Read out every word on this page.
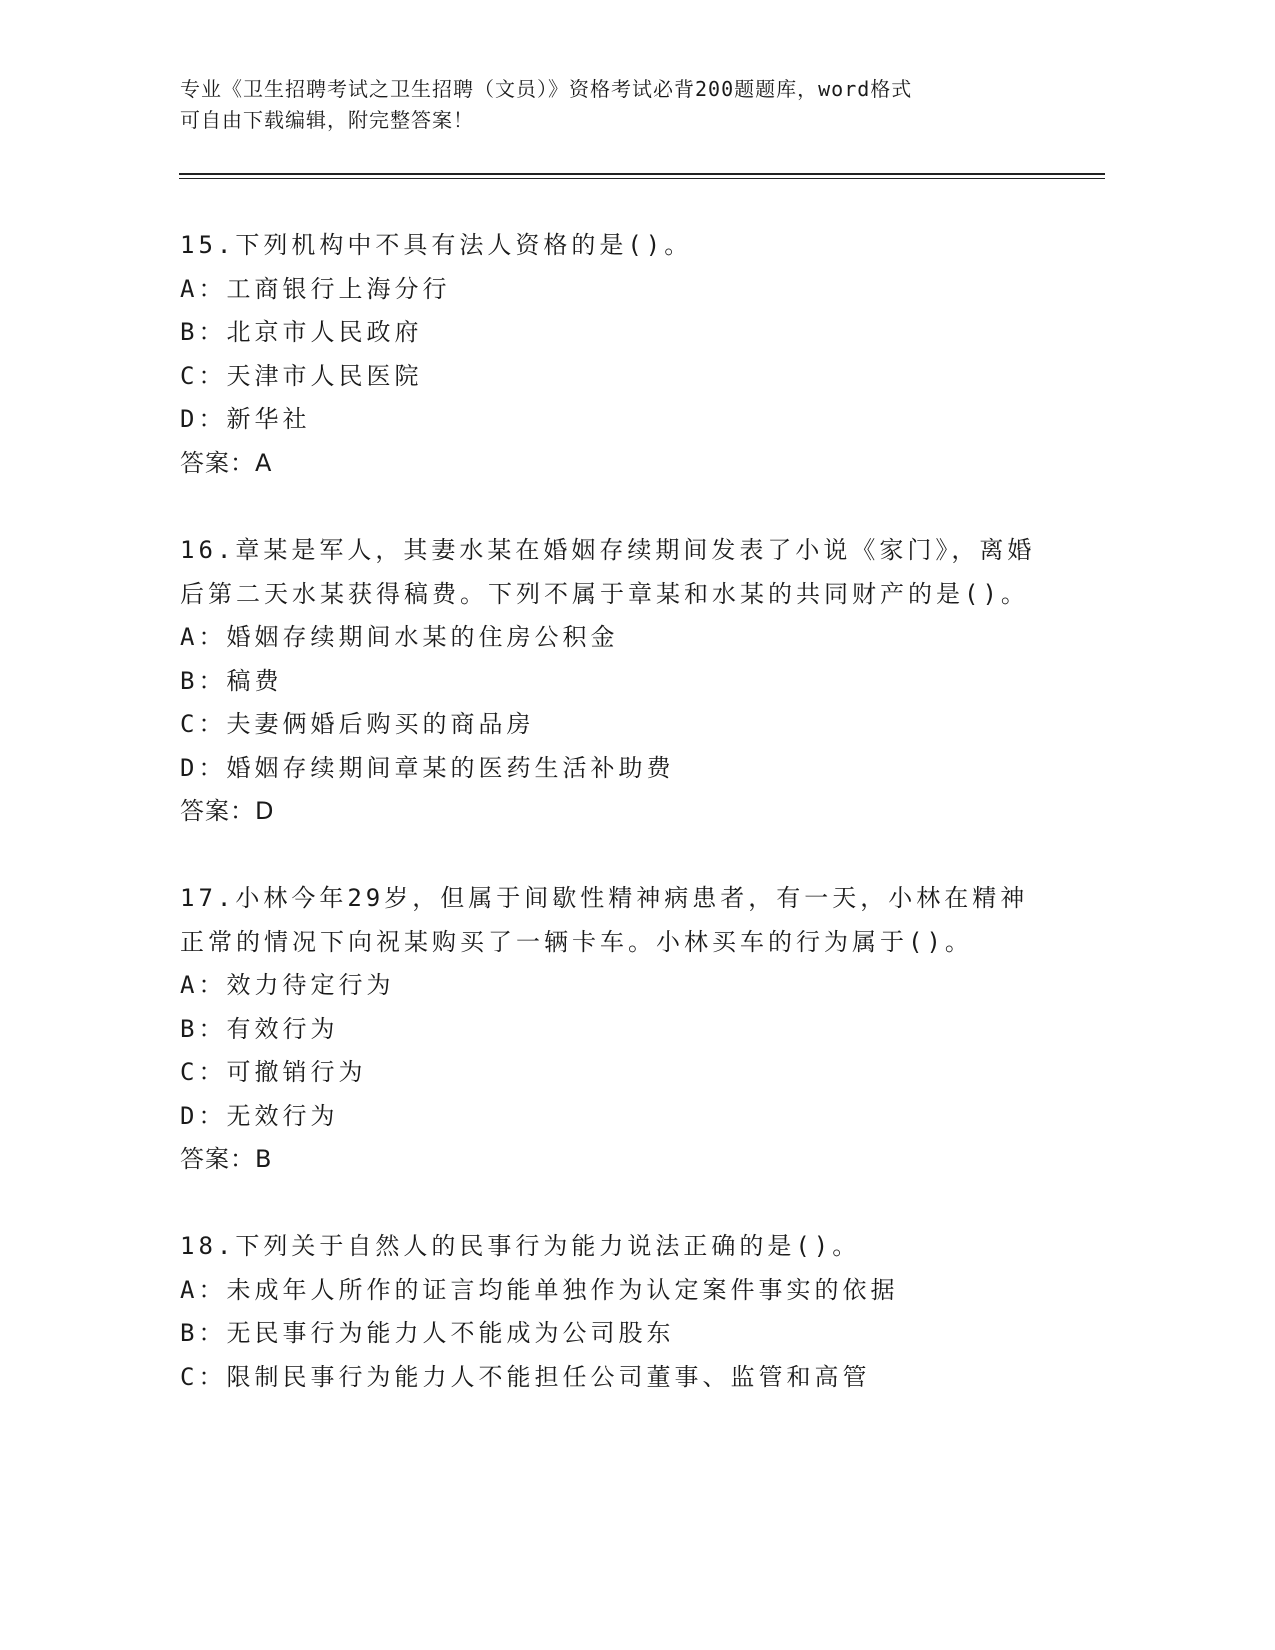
专业《卫生招聘考试之卫生招聘（文员）》资格考试必背200题题库，word格式

可自由下载编辑，附完整答案！

15.下列机构中不具有法人资格的是()。

A：工商银行上海分行

B：北京市人民政府

C：天津市人民医院

D：新华社

答案：A

16.章某是军人，其妻水某在婚姻存续期间发表了小说《家门》，离婚

后第二天水某获得稿费。下列不属于章某和水某的共同财产的是()。

A：婚姻存续期间水某的住房公积金

B：稿费

C：夫妻俩婚后购买的商品房

D：婚姻存续期间章某的医药生活补助费

答案：D

17.小林今年29岁，但属于间歇性精神病患者，有一天，小林在精神

正常的情况下向祝某购买了一辆卡车。小林买车的行为属于()。

A：效力待定行为

B：有效行为

C：可撤销行为

D：无效行为

答案：B

18.下列关于自然人的民事行为能力说法正确的是()。

A：未成年人所作的证言均能单独作为认定案件事实的依据

B：无民事行为能力人不能成为公司股东

C：限制民事行为能力人不能担任公司董事、监管和高管
